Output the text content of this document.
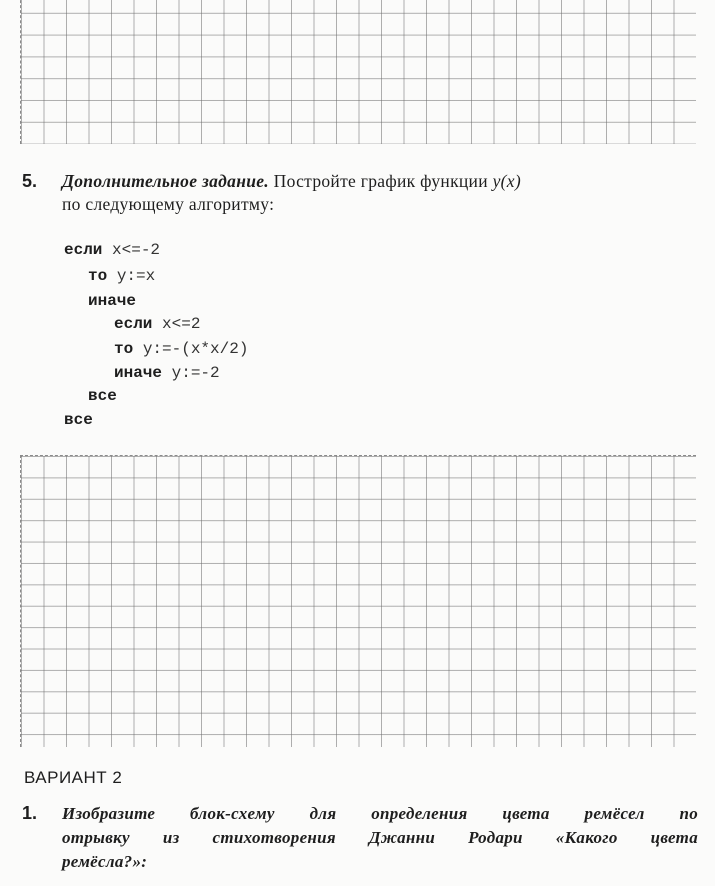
5. Дополнительное задание. Постройте график функции y(x)
по следующему алгоритму:
если x<=-2
то y:=x
иначе
если x<=2
то y:=-(x*x/2)
иначе y:=-2
все
все
ВАРИАНТ 2
1. Изобразите блок-схему для определения цвета ремёсел по
отрывку из стихотворения Джанни Родари «Какого цвета
ремёсла?»:
